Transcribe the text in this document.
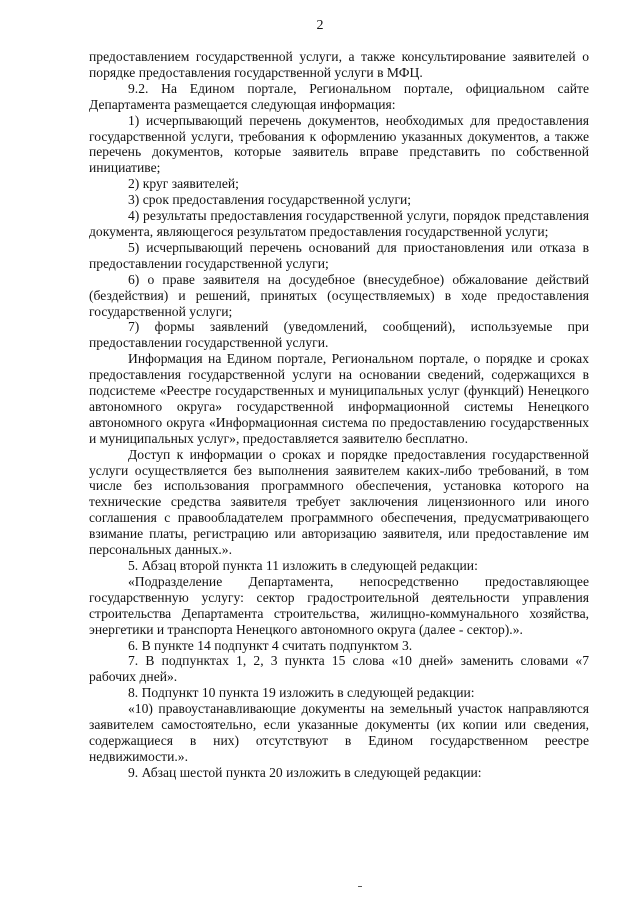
2

предоставлением государственной услуги, а также консультирование заявителей о порядке предоставления государственной услуги в МФЦ.

9.2. На Едином портале, Региональном портале, официальном сайте Департамента размещается следующая информация:

1) исчерпывающий перечень документов, необходимых для предоставления государственной услуги, требования к оформлению указанных документов, а также перечень документов, которые заявитель вправе представить по собственной инициативе;

2) круг заявителей;

3) срок предоставления государственной услуги;

4) результаты предоставления государственной услуги, порядок представления документа, являющегося результатом предоставления государственной услуги;

5) исчерпывающий перечень оснований для приостановления или отказа в предоставлении государственной услуги;

6) о праве заявителя на досудебное (внесудебное) обжалование действий (бездействия) и решений, принятых (осуществляемых) в ходе предоставления государственной услуги;

7) формы заявлений (уведомлений, сообщений), используемые при предоставлении государственной услуги.

Информация на Едином портале, Региональном портале, о порядке и сроках предоставления государственной услуги на основании сведений, содержащихся в подсистеме «Реестре государственных и муниципальных услуг (функций) Ненецкого автономного округа» государственной информационной системы Ненецкого автономного округа «Информационная система по предоставлению государственных и муниципальных услуг», предоставляется заявителю бесплатно.

Доступ к информации о сроках и порядке предоставления государственной услуги осуществляется без выполнения заявителем каких-либо требований, в том числе без использования программного обеспечения, установка которого на технические средства заявителя требует заключения лицензионного или иного соглашения с правообладателем программного обеспечения, предусматривающего взимание платы, регистрацию или авторизацию заявителя, или предоставление им персональных данных.».

5. Абзац второй пункта 11 изложить в следующей редакции:

«Подразделение Департамента, непосредственно предоставляющее государственную услугу: сектор градостроительной деятельности управления строительства Департамента строительства, жилищно-коммунального хозяйства, энергетики и транспорта Ненецкого автономного округа (далее - сектор).».

6. В пункте 14 подпункт 4 считать подпунктом 3.

7. В подпунктах 1, 2, 3 пункта 15 слова «10 дней» заменить словами «7 рабочих дней».

8. Подпункт 10 пункта 19 изложить в следующей редакции:

«10) правоустанавливающие документы на земельный участок направляются заявителем самостоятельно, если указанные документы (их копии или сведения, содержащиеся в них) отсутствуют в Едином государственном реестре недвижимости.».

9. Абзац шестой пункта 20 изложить в следующей редакции:
